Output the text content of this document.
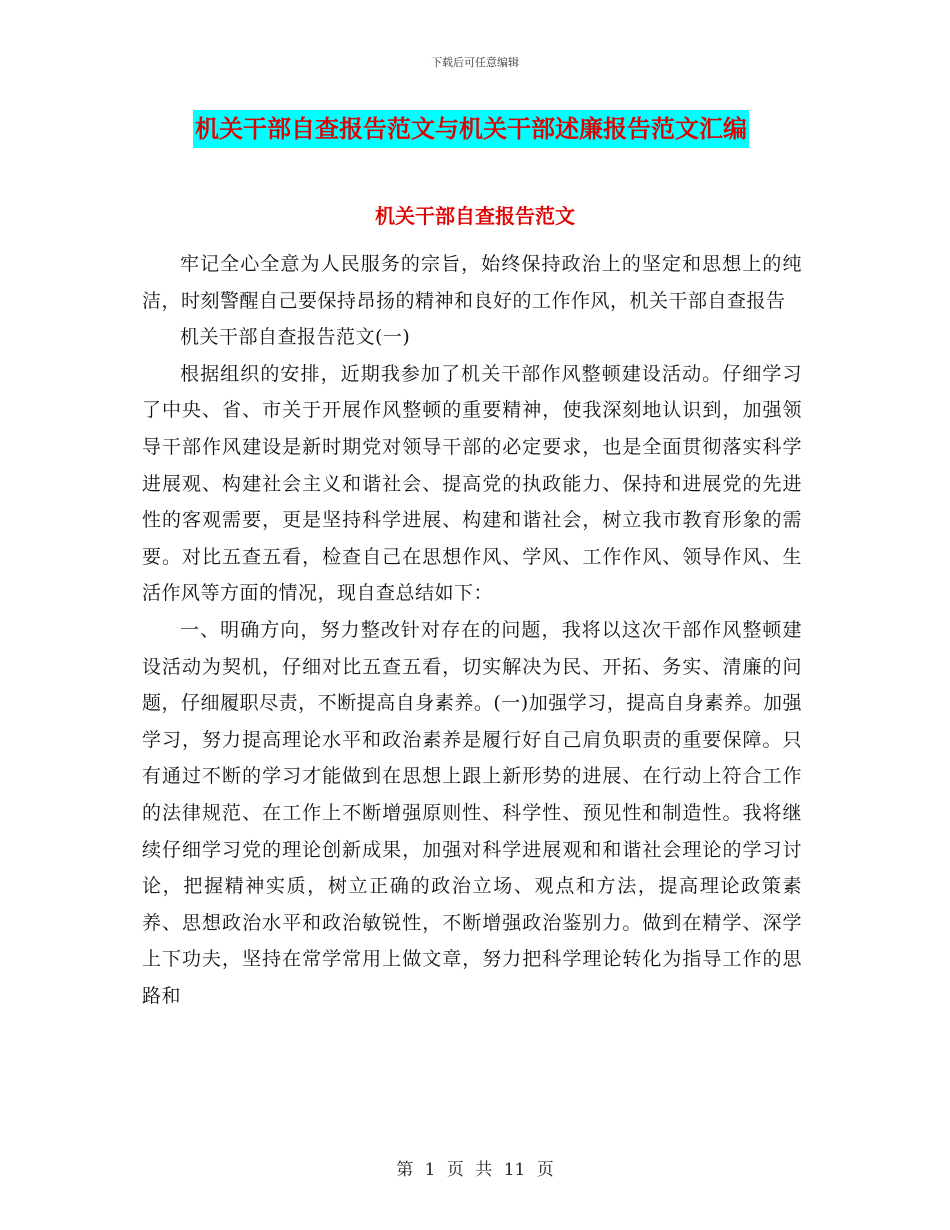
下载后可任意编辑
机关干部自查报告范文与机关干部述廉报告范文汇编
机关干部自查报告范文

牢记全心全意为人民服务的宗旨，始终保持政治上的坚定和思想上的纯洁，时刻警醒自己要保持昂扬的精神和良好的工作作风，机关干部自查报告

机关干部自查报告范文(一)

根据组织的安排，近期我参加了机关干部作风整顿建设活动。仔细学习了中央、省、市关于开展作风整顿的重要精神，使我深刻地认识到，加强领导干部作风建设是新时期党对领导干部的必定要求，也是全面贯彻落实科学进展观、构建社会主义和谐社会、提高党的执政能力、保持和进展党的先进性的客观需要，更是坚持科学进展、构建和谐社会，树立我市教育形象的需要。对比五查五看，检查自己在思想作风、学风、工作作风、领导作风、生活作风等方面的情况，现自查总结如下：

一、明确方向，努力整改针对存在的问题，我将以这次干部作风整顿建设活动为契机，仔细对比五查五看，切实解决为民、开拓、务实、清廉的问题，仔细履职尽责，不断提高自身素养。(一)加强学习，提高自身素养。加强学习，努力提高理论水平和政治素养是履行好自己肩负职责的重要保障。只有通过不断的学习才能做到在思想上跟上新形势的进展、在行动上符合工作的法律规范、在工作上不断增强原则性、科学性、预见性和制造性。我将继续仔细学习党的理论创新成果，加强对科学进展观和和谐社会理论的学习讨论，把握精神实质，树立正确的政治立场、观点和方法，提高理论政策素养、思想政治水平和政治敏锐性，不断增强政治鉴别力。做到在精学、深学上下功夫，坚持在常学常用上做文章，努力把科学理论转化为指导工作的思路和

第 1 页 共 11 页
